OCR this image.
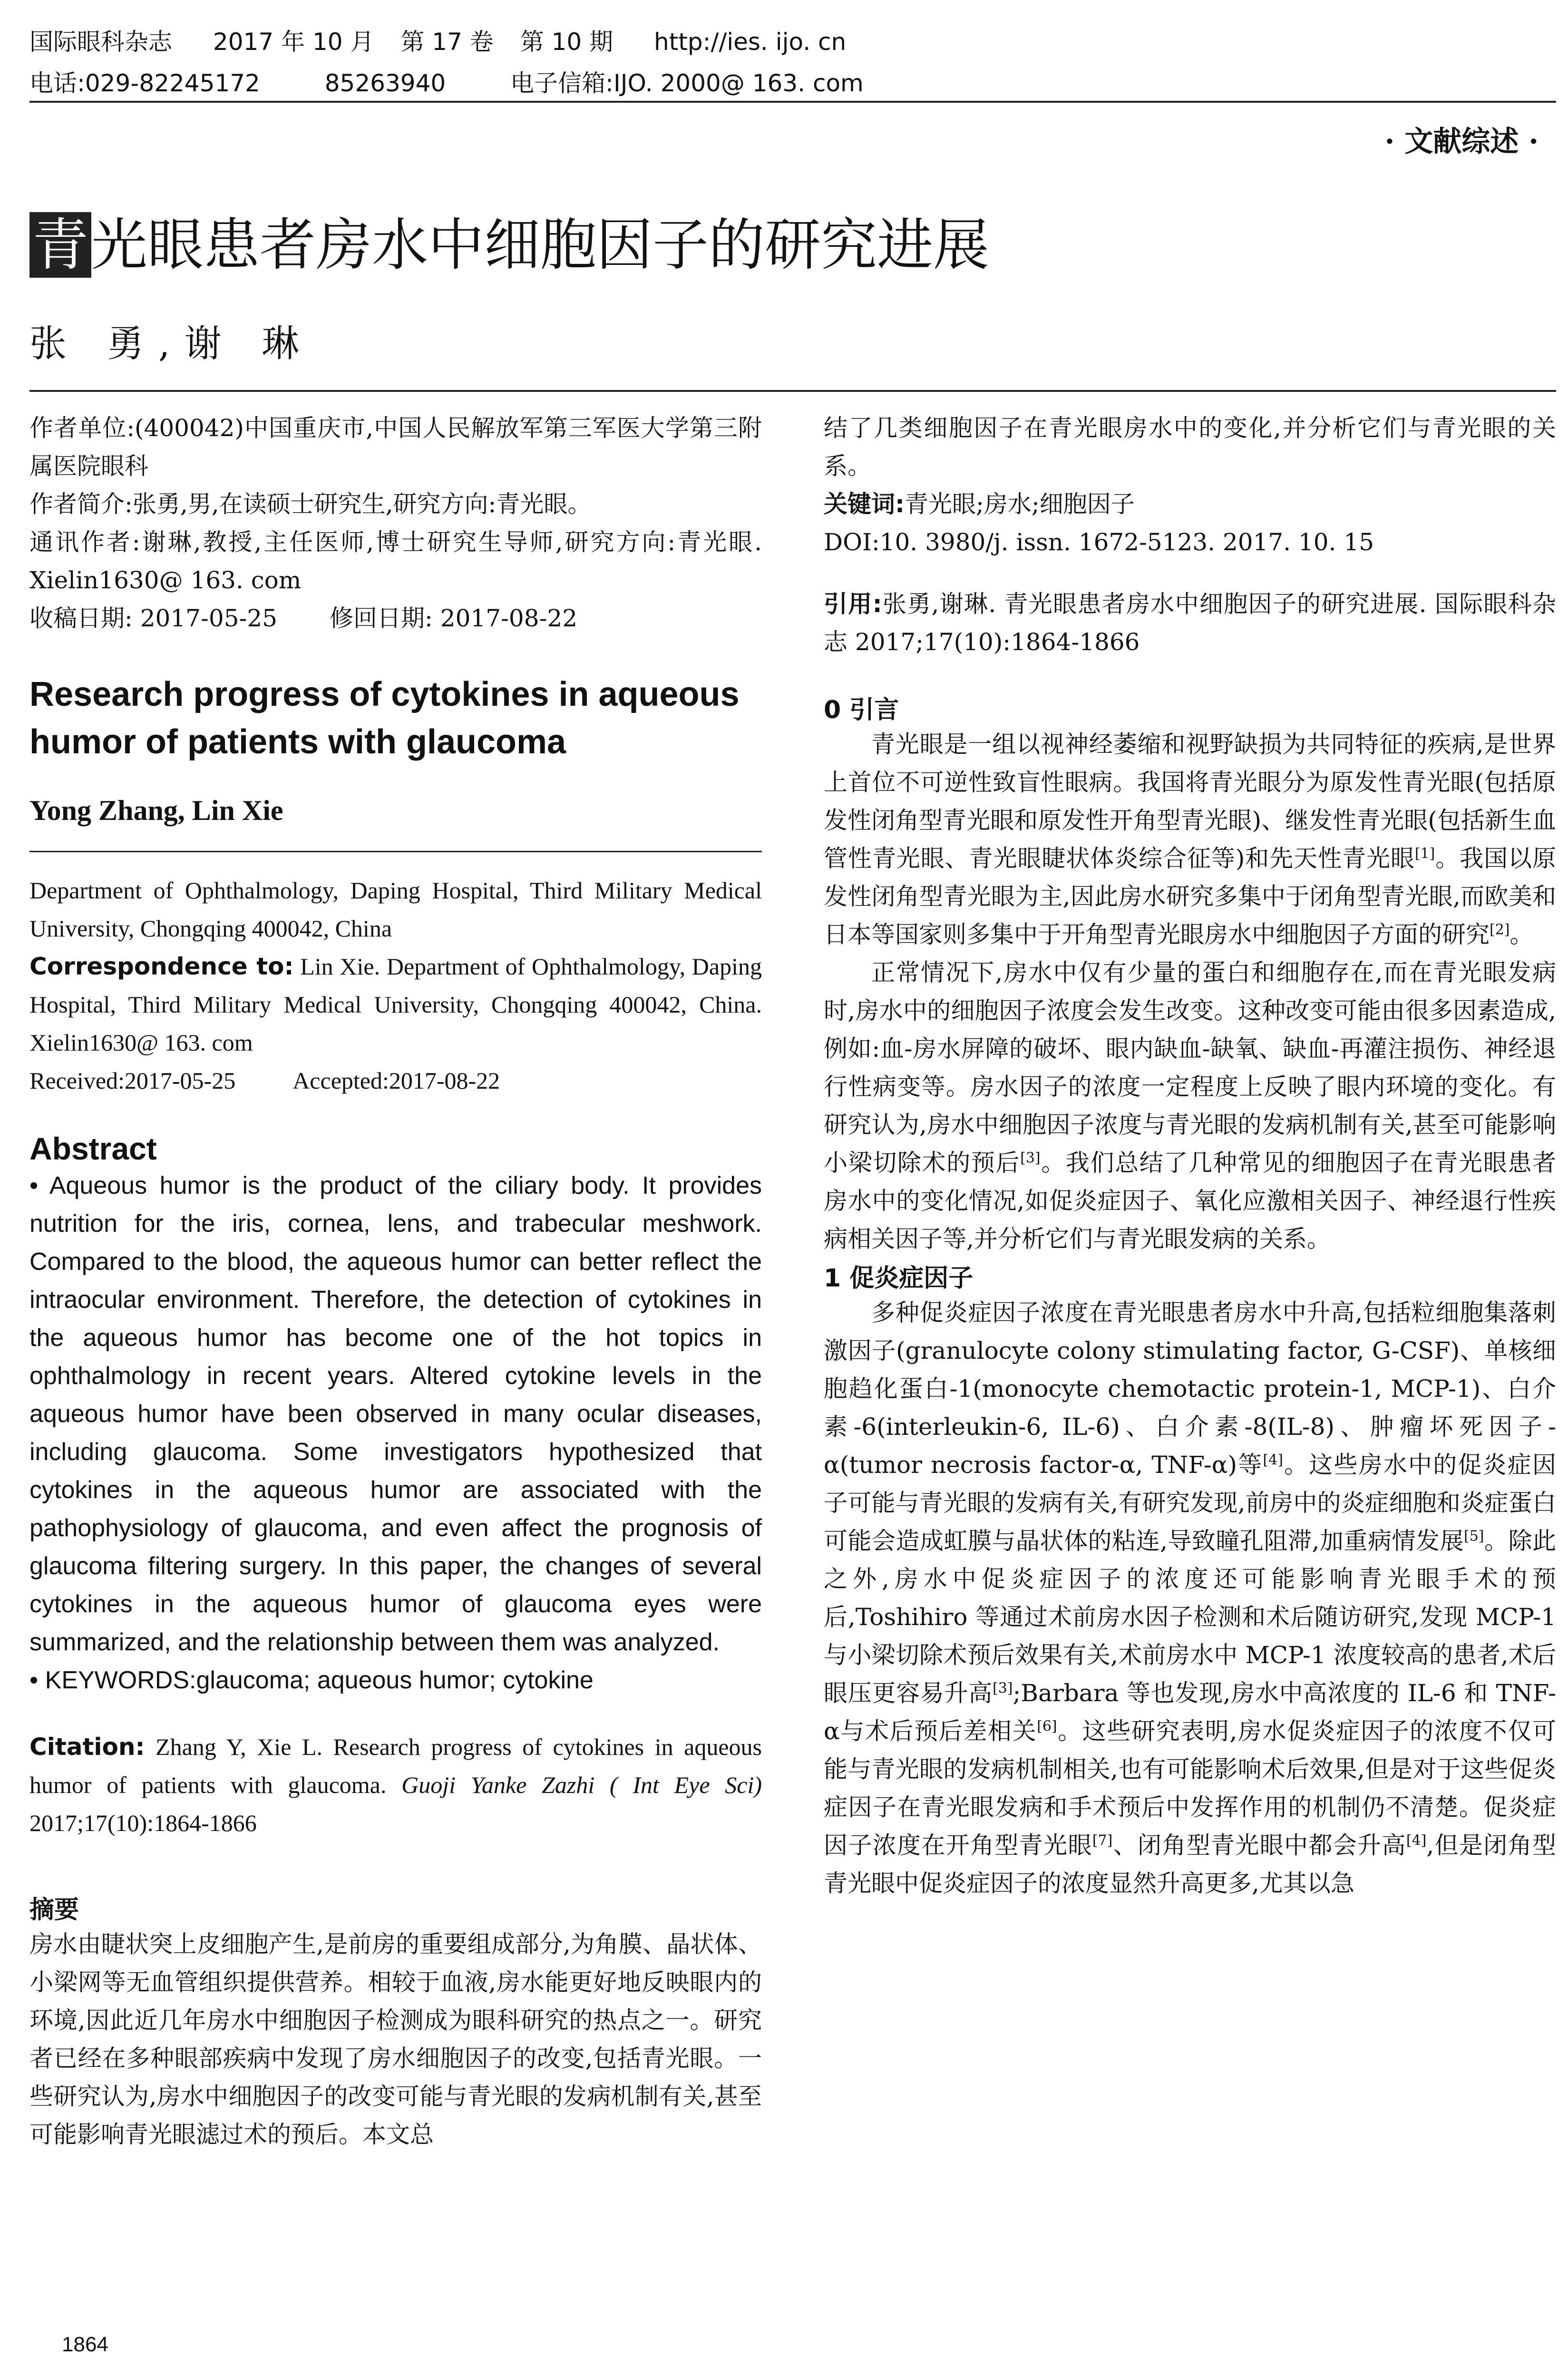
国际眼科杂志 2017 年 10 月 第 17 卷 第 10 期 http://ies. ijo. cn
电话:029-82245172	85263940	电子信箱:IJO. 2000@ 163. com
· 文献综述 ·
青光眼患者房水中细胞因子的研究进展
张 勇,谢 琳

作者单位:(400042)中国重庆市,中国人民解放军第三军医大学第三附属医院眼科

作者简介:张勇,男,在读硕士研究生,研究方向:青光眼。

通讯作者:谢琳,教授,主任医师,博士研究生导师,研究方向:青光眼. Xielin1630@ 163. com

收稿日期: 2017-05-25 修回日期: 2017-08-22

Research progress of cytokines in aqueous humor of patients with glaucoma

Yong Zhang, Lin Xie

Department of Ophthalmology, Daping Hospital, Third Military Medical University, Chongqing 400042, China

Correspondence to: Lin Xie. Department of Ophthalmology, Daping Hospital, Third Military Medical University, Chongqing 400042, China. Xielin1630@ 163. com

Received:2017-05-25 Accepted:2017-08-22

Abstract

• Aqueous humor is the product of the ciliary body. It provides nutrition for the iris, cornea, lens, and trabecular meshwork. Compared to the blood, the aqueous humor can better reflect the intraocular environment. Therefore, the detection of cytokines in the aqueous humor has become one of the hot topics in ophthalmology in recent years. Altered cytokine levels in the aqueous humor have been observed in many ocular diseases, including glaucoma. Some investigators hypothesized that cytokines in the aqueous humor are associated with the pathophysiology of glaucoma, and even affect the prognosis of glaucoma filtering surgery. In this paper, the changes of several cytokines in the aqueous humor of glaucoma eyes were summarized, and the relationship between them was analyzed.

• KEYWORDS:glaucoma; aqueous humor; cytokine

Citation: Zhang Y, Xie L. Research progress of cytokines in aqueous humor of patients with glaucoma. Guoji Yanke Zazhi ( Int Eye Sci) 2017;17(10):1864-1866

摘要

房水由睫状突上皮细胞产生,是前房的重要组成部分,为角膜、晶状体、小梁网等无血管组织提供营养。相较于血液,房水能更好地反映眼内的环境,因此近几年房水中细胞因子检测成为眼科研究的热点之一。研究者已经在多种眼部疾病中发现了房水细胞因子的改变,包括青光眼。一些研究认为,房水中细胞因子的改变可能与青光眼的发病机制有关,甚至可能影响青光眼滤过术的预后。本文总

结了几类细胞因子在青光眼房水中的变化,并分析它们与青光眼的关系。

关键词:青光眼;房水;细胞因子

DOI:10. 3980/j. issn. 1672-5123. 2017. 10. 15

引用:张勇,谢琳. 青光眼患者房水中细胞因子的研究进展. 国际眼科杂志 2017;17(10):1864-1866

0 引言

青光眼是一组以视神经萎缩和视野缺损为共同特征的疾病,是世界上首位不可逆性致盲性眼病。我国将青光眼分为原发性青光眼(包括原发性闭角型青光眼和原发性开角型青光眼)、继发性青光眼(包括新生血管性青光眼、青光眼睫状体炎综合征等)和先天性青光眼[1]。我国以原发性闭角型青光眼为主,因此房水研究多集中于闭角型青光眼,而欧美和日本等国家则多集中于开角型青光眼房水中细胞因子方面的研究[2]。

正常情况下,房水中仅有少量的蛋白和细胞存在,而在青光眼发病时,房水中的细胞因子浓度会发生改变。这种改变可能由很多因素造成,例如:血-房水屏障的破坏、眼内缺血-缺氧、缺血-再灌注损伤、神经退行性病变等。房水因子的浓度一定程度上反映了眼内环境的变化。有研究认为,房水中细胞因子浓度与青光眼的发病机制有关,甚至可能影响小梁切除术的预后[3]。我们总结了几种常见的细胞因子在青光眼患者房水中的变化情况,如促炎症因子、氧化应激相关因子、神经退行性疾病相关因子等,并分析它们与青光眼发病的关系。

1 促炎症因子

多种促炎症因子浓度在青光眼患者房水中升高,包括粒细胞集落刺激因子(granulocyte colony stimulating factor, G-CSF)、单核细胞趋化蛋白-1(monocyte chemotactic protein-1, MCP-1)、白介素-6(interleukin-6, IL-6)、白介素-8(IL-8)、肿瘤坏死因子-α(tumor necrosis factor-α, TNF-α)等[4]。这些房水中的促炎症因子可能与青光眼的发病有关,有研究发现,前房中的炎症细胞和炎症蛋白可能会造成虹膜与晶状体的粘连,导致瞳孔阻滞,加重病情发展[5]。除此之外,房水中促炎症因子的浓度还可能影响青光眼手术的预后,Toshihiro 等通过术前房水因子检测和术后随访研究,发现 MCP-1 与小梁切除术预后效果有关,术前房水中 MCP-1 浓度较高的患者,术后眼压更容易升高[3];Barbara 等也发现,房水中高浓度的 IL-6 和 TNF-α与术后预后差相关[6]。这些研究表明,房水促炎症因子的浓度不仅可能与青光眼的发病机制相关,也有可能影响术后效果,但是对于这些促炎症因子在青光眼发病和手术预后中发挥作用的机制仍不清楚。促炎症因子浓度在开角型青光眼[7]、闭角型青光眼中都会升高[4],但是闭角型青光眼中促炎症因子的浓度显然升高更多,尤其以急

1864
